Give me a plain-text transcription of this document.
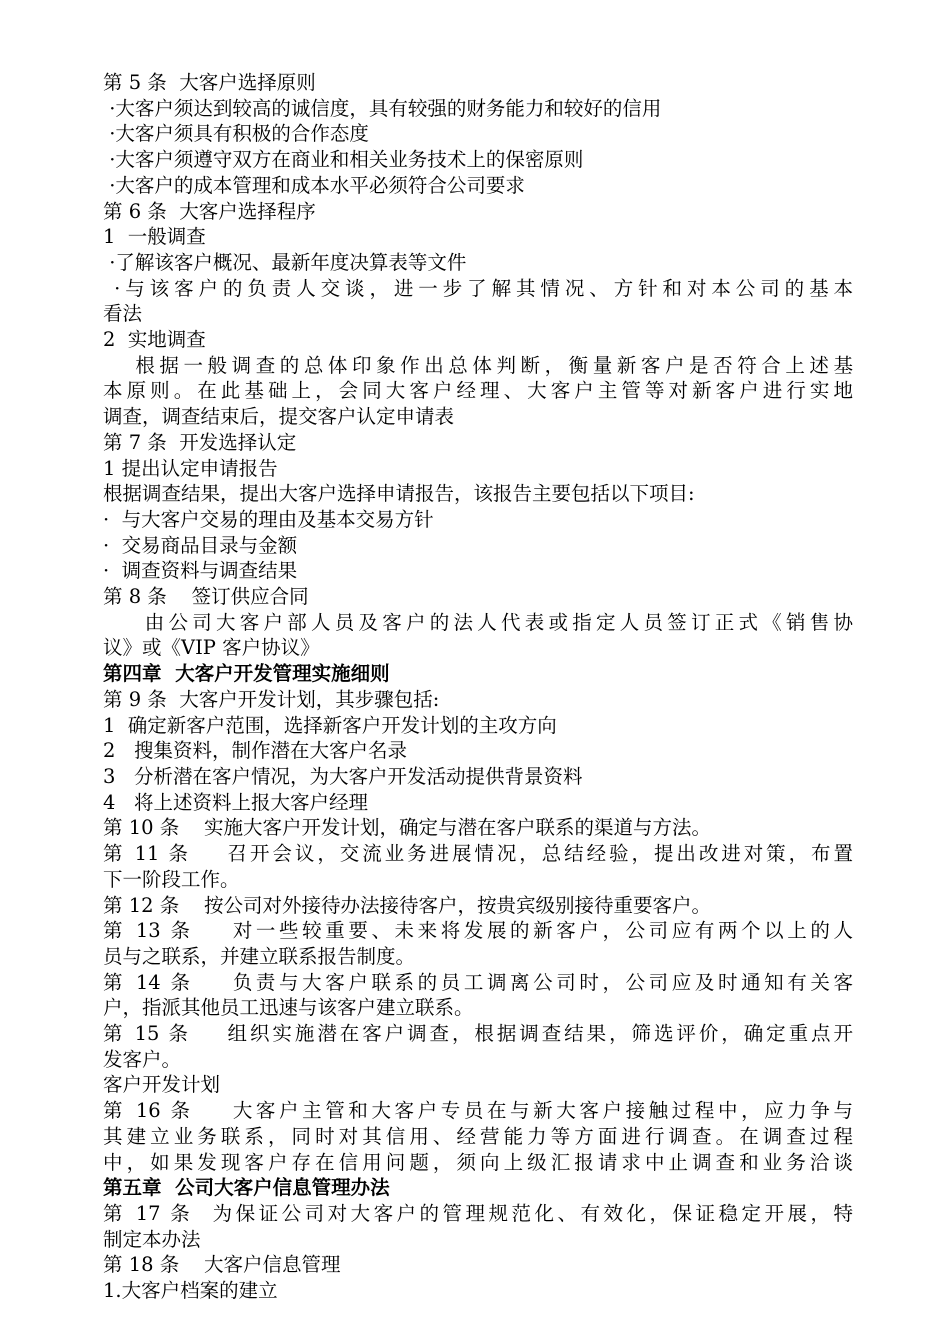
第 5 条  大客户选择原则
·大客户须达到较高的诚信度，具有较强的财务能力和较好的信用
·大客户须具有积极的合作态度
·大客户须遵守双方在商业和相关业务技术上的保密原则
·大客户的成本管理和成本水平必须符合公司要求
第 6 条  大客户选择程序
1  一般调查
·了解该客户概况、最新年度决算表等文件
·与该客户的负责人交谈，进一步了解其情况、方针和对本公司的基本
看法
2  实地调查
根据一般调查的总体印象作出总体判断，衡量新客户是否符合上述基
本原则。在此基础上，会同大客户经理、大客户主管等对新客户进行实地
调查，调查结束后，提交客户认定申请表
第 7 条  开发选择认定
1 提出认定申请报告
根据调查结果，提出大客户选择申请报告，该报告主要包括以下项目:
·  与大客户交易的理由及基本交易方针
·  交易商品目录与金额
·  调查资料与调查结果
第 8 条    签订供应合同
由公司大客户部人员及客户的法人代表或指定人员签订正式《销售协
议》或《VIP 客户协议》
第四章  大客户开发管理实施细则
第 9 条  大客户开发计划，其步骤包括:
1  确定新客户范围，选择新客户开发计划的主攻方向
2   搜集资料，制作潜在大客户名录
3   分析潜在客户情况，为大客户开发活动提供背景资料
4   将上述资料上报大客户经理
第 10 条    实施大客户开发计划，确定与潜在客户联系的渠道与方法。
第 11 条    召开会议，交流业务进展情况，总结经验，提出改进对策，布置
下一阶段工作。
第 12 条    按公司对外接待办法接待客户，按贵宾级别接待重要客户。
第 13 条    对一些较重要、未来将发展的新客户，公司应有两个以上的人
员与之联系，并建立联系报告制度。
第 14 条    负责与大客户联系的员工调离公司时，公司应及时通知有关客
户，指派其他员工迅速与该客户建立联系。
第 15 条    组织实施潜在客户调查，根据调查结果，筛选评价，确定重点开
发客户。
客户开发计划
第 16 条    大客户主管和大客户专员在与新大客户接触过程中，应力争与
其建立业务联系，同时对其信用、经营能力等方面进行调查。在调查过程
中，如果发现客户存在信用问题，须向上级汇报请求中止调查和业务洽谈
第五章  公司大客户信息管理办法
第 17 条  为保证公司对大客户的管理规范化、有效化，保证稳定开展，特
制定本办法
第 18 条    大客户信息管理
1.大客户档案的建立
